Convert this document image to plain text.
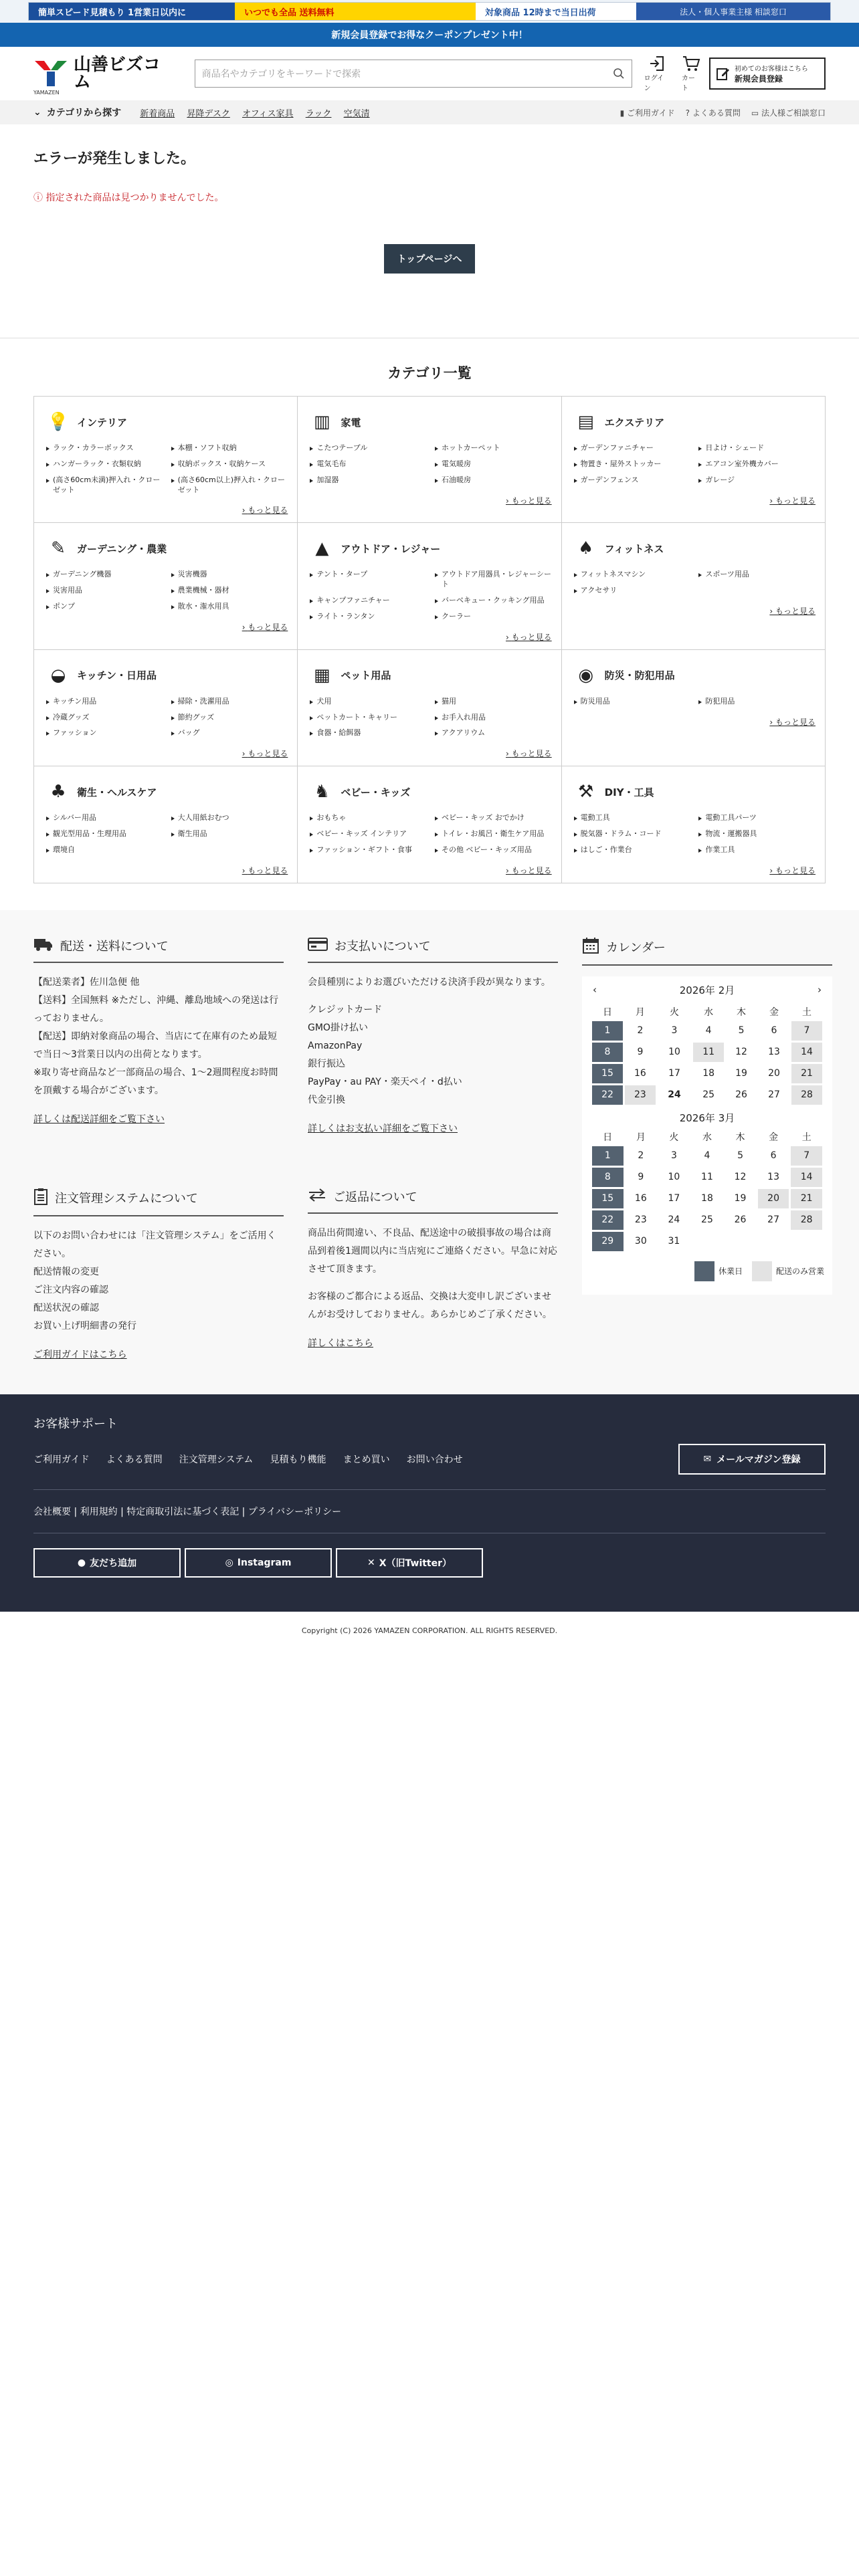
簡単スピード見積もり 1営業日以内に	いつでも全品 送料無料	対象商品 12時まで当日出荷	法人・個人事業主様 相談窓口
新規会員登録でお得なクーポンプレゼント中！
YAMAZEN
山善ビズコム	商品名やカテゴリをキーワードで探索	ログイン
カート
初めてのお客様はこちら
新規会員登録
⌄ カテゴリから探す 新着商品 昇降デスク オフィス家具 ラック 空気清	▮ ご利用ガイド ? よくある質問 ▭ 法人様ご相談窓口
エラーが発生しました。

ⓘ 指定された商品は見つかりませんでした。

トップページへ
カテゴリ一覧
💡 インテリア
ラック・カラーボックス	本棚・ソフト収納
ハンガーラック・衣類収納	収納ボックス・収納ケース
(高さ60cm未満)押入れ・クローゼット
(高さ60cm以上)押入れ・クローゼット
› もっと見る
▥	家電
こたつテーブル	ホットカーペット
電気毛布	電気暖房
加湿器	石油暖房
› もっと見る
▤	エクステリア
ガーデンファニチャー	日よけ・シェード
物置き・屋外ストッカー	エアコン室外機カバー
ガーデンフェンス	ガレージ
› もっと見る
✎	ガーデニング・農業
ガーデニング機器	災害機器
災害用品	農業機械・器材
ポンプ	散水・潅水用具
› もっと見る
▲	アウトドア・レジャー
テント・タープ	アウトドア用器具・レジャーシート
キャンプファニチャー	バーベキュー・クッキング用品
ライト・ランタン	クーラー
› もっと見る
♠	フィットネス
フィットネスマシン	スポーツ用品
アクセサリ
› もっと見る
◒	キッチン・日用品
キッチン用品	掃除・洗濯用品
冷蔵グッズ	節約グッズ
ファッション	バッグ
› もっと見る
▦	ペット用品
犬用	猫用
ペットカート・キャリー	お手入れ用品
食器・給餌器	アクアリウム
› もっと見る
◉	防災・防犯用品
防災用品	防犯用品
› もっと見る
♣	衛生・ヘルスケア
シルバー用品	大人用紙おむつ
観光型用品・生理用品	衛生用品
環境自
› もっと見る
♞	ベビー・キッズ
おもちゃ	ベビー・キッズ おでかけ
ベビー・キッズ インテリア	トイレ・お風呂・衛生ケア用品
ファッション・ギフト・食事	その他 ベビー・キッズ用品
› もっと見る
⚒	DIY・工具
電動工具	電動工具パーツ
脱気器・ドラム・コード	物流・運搬器具
はしご・作業台	作業工具
› もっと見る
配送・送料について

【配送業者】佐川急便 他

【送料】全国無料 ※ただし、沖縄、離島地域への発送は行っておりません。

【配送】即納対象商品の場合、当店にて在庫有のため最短で当日〜3営業日以内の出荷となります。

※取り寄せ商品など一部商品の場合、1〜2週間程度お時間を頂戴する場合がございます。

詳しくは配送詳細をご覧下さい
注文管理システムについて

以下のお問い合わせには「注文管理システム」をご活用ください。

配送情報の変更

ご注文内容の確認

配送状況の確認

お買い上げ明細書の発行

ご利用ガイドはこちら
お支払いについて

会員種別によりお選びいただける決済手段が異なります。

クレジットカード

GMO掛け払い

AmazonPay

銀行振込

PayPay・au PAY・楽天ペイ・d払い

代金引換

詳しくはお支払い詳細をご覧下さい
ご返品について

商品出荷間違い、不良品、配送途中の破損事故の場合は商品到着後1週間以内に当店宛にご連絡ください。早急に対応させて頂きます。

お客様のご都合による返品、交換は大変申し訳ございませんがお受けしておりません。あらかじめご了承ください。

詳しくはこちら
カレンダー
‹	2026年 2月	›
日	月	火	水	木	金	土
1	2	3	4	5	6	7
8	9	10	11	12	13	14
15	16	17	18	19	20	21
22	23	24	25	26	27	28
2026年 3月
日	月	火	水	木	金	土
1	2	3	4	5	6	7
8	9	10	11	12	13	14
15	16	17	18	19	20	21
22	23	24	25	26	27	28
29	30	31				
休業日	配送のみ営業
お客様サポート
ご利用ガイド よくある質問 注文管理システム 見積もり機能 まとめ買い お問い合わせ	✉ メールマガジン登録
会社概要 | 利用規約 | 特定商取引法に基づく表記 | プライバシーポリシー
● 友だち追加	◎ Instagram	✕ X（旧Twitter）
Copyright (C) 2026 YAMAZEN CORPORATION. ALL RIGHTS RESERVED.
